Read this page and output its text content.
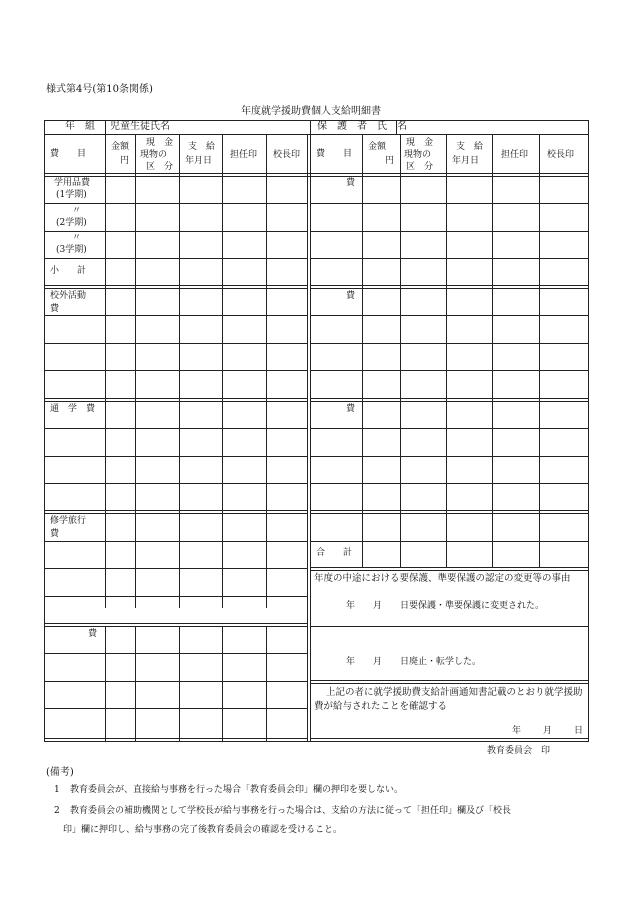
様式第4号(第10条関係)
年度就学援助費個人支給明細書
年　組 児童生徒氏名	保　護　者　氏　名
費　　目
金額
円
現　金
現物の
区　分
支　給
年月日
担任印 校長印 費　　目
金額
円
現　金
現物の
区　分
支　給
年月日
担任印 校長印
学用品費
(1学期)
〃
(2学期)
〃
(3学期)
小　　計
校外活動
費
通　学　費
修学旅行
費
費
費
費
費
合　　計
年度の中途における要保護、準要保護の認定の変更等の事由
年　　月　　日要保護・準要保護に変更された。
年　　月　　日廃止・転学した。
上記の者に就学援助費支給計画通知書記載のとおり就学援助費が給与されたことを確認する
年 月 日
教育委員会　印
(備考)
1 教育委員会が、直接給与事務を行った場合「教育委員会印」欄の押印を要しない。
2 教育委員会の補助機関として学校長が給与事務を行った場合は、支給の方法に従って「担任印」欄及び「校長
印」欄に押印し、給与事務の完了後教育委員会の確認を受けること。
